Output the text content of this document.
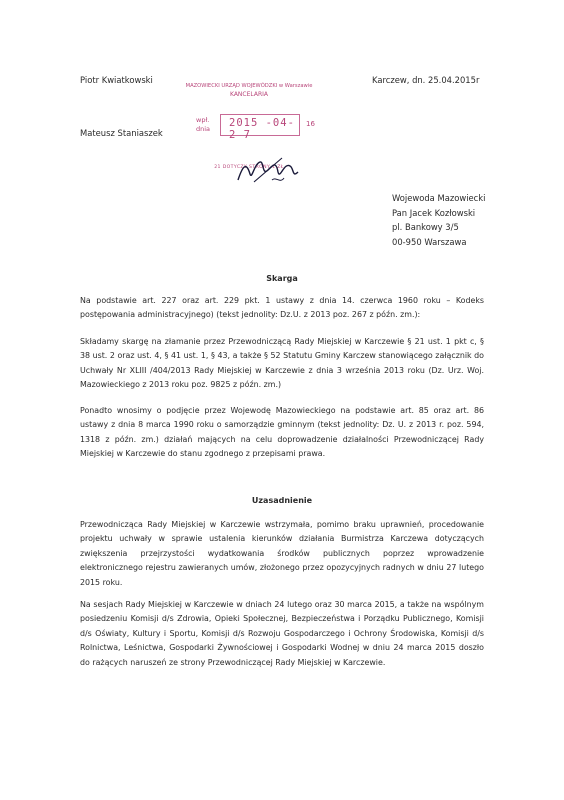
Piotr Kwiatkowski
Mateusz Staniaszek
Karczew, dn. 25.04.2015r
MAZOWIECKI URZĄD WOJEWÓDZKI w Warszawie
KANCELARIA
wpł.
dnia 2015 -04- 2 7
16
21 DOTYCZY STRONY 1 ZŁ
Wojewoda Mazowiecki
Pan Jacek Kozłowski
pl. Bankowy 3/5
00-950 Warszawa
Skarga
Na podstawie art. 227 oraz art. 229 pkt. 1 ustawy z dnia 14. czerwca 1960 roku – Kodeks postępowania administracyjnego) (tekst jednolity: Dz.U. z 2013 poz. 267 z późn. zm.):
Składamy skargę na złamanie przez Przewodniczącą Rady Miejskiej w Karczewie § 21 ust. 1 pkt c, § 38 ust. 2 oraz ust. 4, § 41 ust. 1, § 43, a także § 52 Statutu Gminy Karczew stanowiącego załącznik do Uchwały Nr XLIII /404/2013 Rady Miejskiej w Karczewie z dnia 3 września 2013 roku (Dz. Urz. Woj. Mazowieckiego z 2013 roku poz. 9825 z późn. zm.)
Ponadto wnosimy o podjęcie przez Wojewodę Mazowieckiego na podstawie art. 85 oraz art. 86 ustawy z dnia 8 marca 1990 roku o samorządzie gminnym (tekst jednolity: Dz. U. z 2013 r. poz. 594, 1318 z późn. zm.) działań mających na celu doprowadzenie działalności Przewodniczącej Rady Miejskiej w Karczewie do stanu zgodnego z przepisami prawa.
Uzasadnienie
Przewodnicząca Rady Miejskiej w Karczewie wstrzymała, pomimo braku uprawnień, procedowanie projektu uchwały w sprawie ustalenia kierunków działania Burmistrza Karczewa dotyczących zwiększenia przejrzystości wydatkowania środków publicznych poprzez wprowadzenie elektronicznego rejestru zawieranych umów, złożonego przez opozycyjnych radnych w dniu 27 lutego 2015 roku.
Na sesjach Rady Miejskiej w Karczewie w dniach 24 lutego oraz 30 marca 2015, a także na wspólnym posiedzeniu Komisji d/s Zdrowia, Opieki Społecznej, Bezpieczeństwa i Porządku Publicznego, Komisji d/s Oświaty, Kultury i Sportu, Komisji d/s Rozwoju Gospodarczego i Ochrony Środowiska, Komisji d/s Rolnictwa, Leśnictwa, Gospodarki Żywnościowej i Gospodarki Wodnej w dniu 24 marca 2015 doszło do rażących naruszeń ze strony Przewodniczącej Rady Miejskiej w Karczewie.
